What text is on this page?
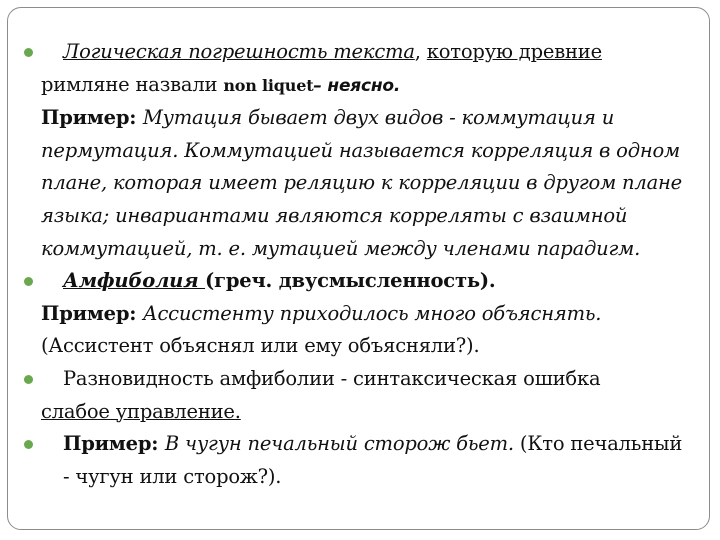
Логическая погрешность текста, которую древние
римляне назвали non liquet– неясно.

Пример: Мутация бывает двух видов - коммутация и пермутация. Коммутацией называется корреляция в одном плане, которая имеет реляцию к корреляции в другом плане языка; инвариантами являются корреляты с взаимной коммутацией, т. е. мутацией между членами парадигм.

Амфиболия (греч. двусмысленность).

Пример: Ассистенту приходилось много объяснять.
(Ассистент объяснял или ему объясняли?).

Разновидность амфиболии - синтаксическая ошибка
слабое управление.

Пример: В чугун печальный сторож бьет. (Кто печальный - чугун или сторож?).
